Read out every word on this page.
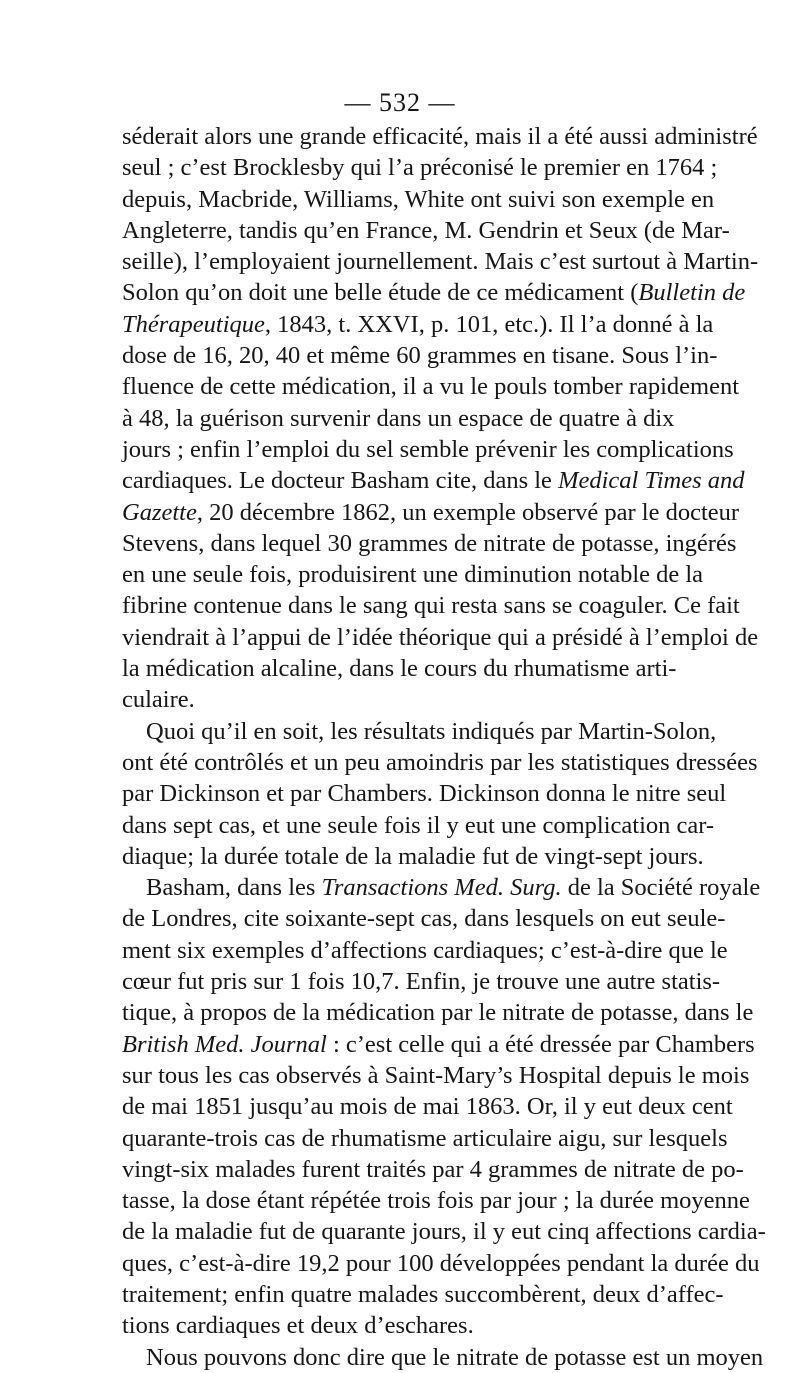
— 532 —
séderait alors une grande efficacité, mais il a été aussi administré
seul ; c’est Brocklesby qui l’a préconisé le premier en 1764 ;
depuis, Macbride, Williams, White ont suivi son exemple en
Angleterre, tandis qu’en France, M. Gendrin et Seux (de Mar-
seille), l’employaient journellement. Mais c’est surtout à Martin-
Solon qu’on doit une belle étude de ce médicament (Bulletin de
Thérapeutique, 1843, t. XXVI, p. 101, etc.). Il l’a donné à la
dose de 16, 20, 40 et même 60 grammes en tisane. Sous l’in-
fluence de cette médication, il a vu le pouls tomber rapidement
à 48, la guérison survenir dans un espace de quatre à dix
jours ; enfin l’emploi du sel semble prévenir les complications
cardiaques. Le docteur Basham cite, dans le Medical Times and
Gazette, 20 décembre 1862, un exemple observé par le docteur
Stevens, dans lequel 30 grammes de nitrate de potasse, ingérés
en une seule fois, produisirent une diminution notable de la
fibrine contenue dans le sang qui resta sans se coaguler. Ce fait
viendrait à l’appui de l’idée théorique qui a présidé à l’emploi de
la médication alcaline, dans le cours du rhumatisme arti-
culaire.
Quoi qu’il en soit, les résultats indiqués par Martin-Solon,
ont été contrôlés et un peu amoindris par les statistiques dressées
par Dickinson et par Chambers. Dickinson donna le nitre seul
dans sept cas, et une seule fois il y eut une complication car-
diaque; la durée totale de la maladie fut de vingt-sept jours.
Basham, dans les Transactions Med. Surg. de la Société royale
de Londres, cite soixante-sept cas, dans lesquels on eut seule-
ment six exemples d’affections cardiaques; c’est-à-dire que le
cœur fut pris sur 1 fois 10,7. Enfin, je trouve une autre statis-
tique, à propos de la médication par le nitrate de potasse, dans le
British Med. Journal : c’est celle qui a été dressée par Chambers
sur tous les cas observés à Saint-Mary’s Hospital depuis le mois
de mai 1851 jusqu’au mois de mai 1863. Or, il y eut deux cent
quarante-trois cas de rhumatisme articulaire aigu, sur lesquels
vingt-six malades furent traités par 4 grammes de nitrate de po-
tasse, la dose étant répétée trois fois par jour ; la durée moyenne
de la maladie fut de quarante jours, il y eut cinq affections cardia-
ques, c’est-à-dire 19,2 pour 100 développées pendant la durée du
traitement; enfin quatre malades succombèrent, deux d’affec-
tions cardiaques et deux d’eschares.
Nous pouvons donc dire que le nitrate de potasse est un moyen
